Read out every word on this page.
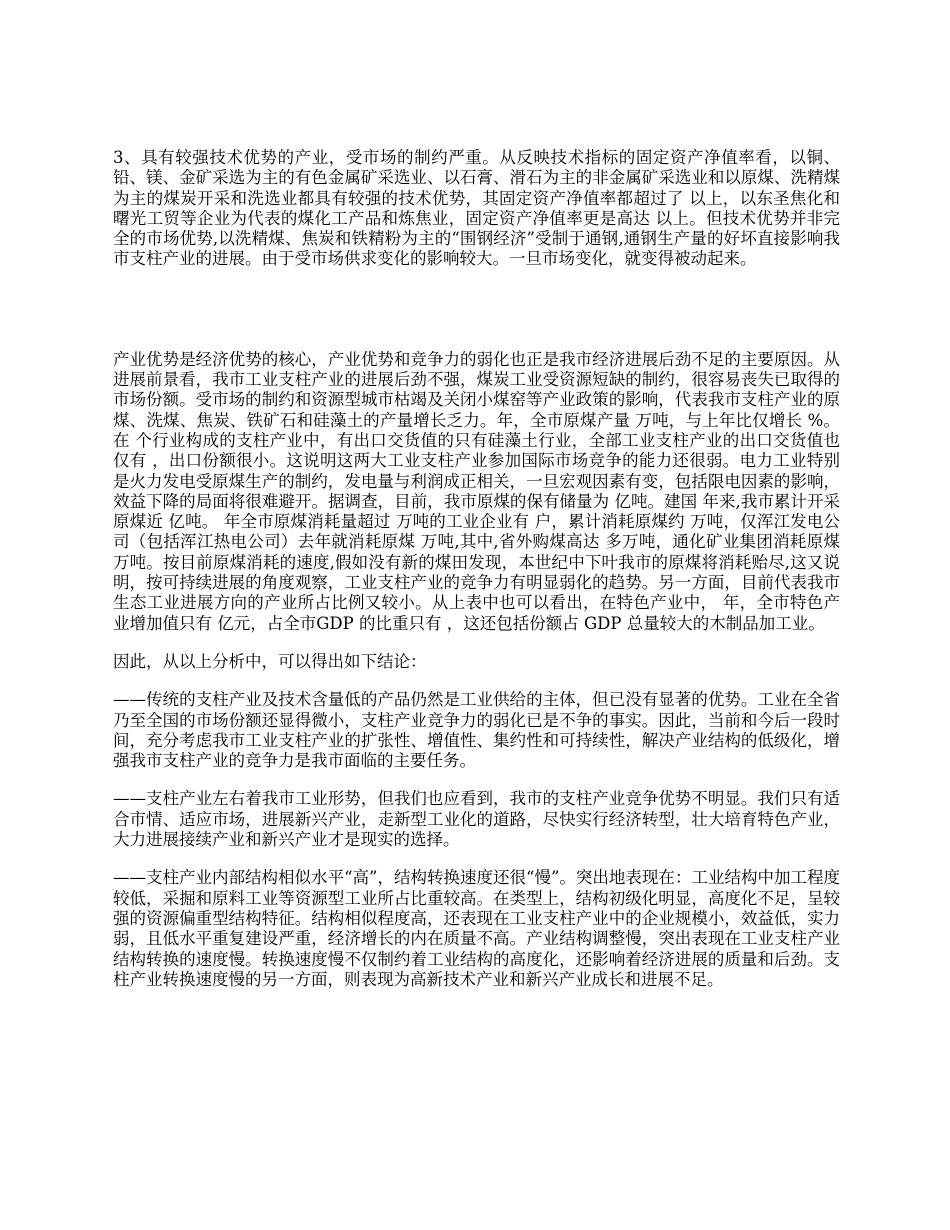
3、具有较强技术优势的产业，受市场的制约严重。从反映技术指标的固定资产净值率看，以铜、铅、镁、金矿采选为主的有色金属矿采选业、以石膏、滑石为主的非金属矿采选业和以原煤、洗精煤为主的煤炭开采和洗选业都具有较强的技术优势，其固定资产净值率都超过了 以上，以东圣焦化和曙光工贸等企业为代表的煤化工产品和炼焦业，固定资产净值率更是高达 以上。但技术优势并非完全的市场优势,以洗精煤、焦炭和铁精粉为主的“围钢经济”受制于通钢,通钢生产量的好坏直接影响我市支柱产业的进展。由于受市场供求变化的影响较大。一旦市场变化，就变得被动起来。

产业优势是经济优势的核心，产业优势和竞争力的弱化也正是我市经济进展后劲不足的主要原因。从进展前景看，我市工业支柱产业的进展后劲不强，煤炭工业受资源短缺的制约，很容易丧失已取得的市场份额。受市场的制约和资源型城市枯竭及关闭小煤窑等产业政策的影响，代表我市支柱产业的原煤、洗煤、焦炭、铁矿石和硅藻土的产量增长乏力。年，全市原煤产量 万吨，与上年比仅增长 %。在 个行业构成的支柱产业中，有出口交货值的只有硅藻土行业，全部工业支柱产业的出口交货值也仅有 ，出口份额很小。这说明这两大工业支柱产业参加国际市场竞争的能力还很弱。电力工业特别是火力发电受原煤生产的制约，发电量与利润成正相关，一旦宏观因素有变，包括限电因素的影响，效益下降的局面将很难避开。据调查，目前，我市原煤的保有储量为 亿吨。建国 年来,我市累计开采原煤近 亿吨。 年全市原煤消耗量超过 万吨的工业企业有 户，累计消耗原煤约 万吨，仅浑江发电公司（包括浑江热电公司）去年就消耗原煤 万吨,其中,省外购煤高达 多万吨，通化矿业集团消耗原煤 万吨。按目前原煤消耗的速度,假如没有新的煤田发现，本世纪中下叶我市的原煤将消耗贻尽,这又说明，按可持续进展的角度观察，工业支柱产业的竞争力有明显弱化的趋势。另一方面，目前代表我市生态工业进展方向的产业所占比例又较小。从上表中也可以看出，在特色产业中， 年，全市特色产业增加值只有 亿元，占全市GDP 的比重只有 ，这还包括份额占 GDP 总量较大的木制品加工业。

因此，从以上分析中，可以得出如下结论：

——传统的支柱产业及技术含量低的产品仍然是工业供给的主体，但已没有显著的优势。工业在全省乃至全国的市场份额还显得微小，支柱产业竞争力的弱化已是不争的事实。因此，当前和今后一段时间，充分考虑我市工业支柱产业的扩张性、增值性、集约性和可持续性，解决产业结构的低级化，增强我市支柱产业的竞争力是我市面临的主要任务。

——支柱产业左右着我市工业形势，但我们也应看到，我市的支柱产业竞争优势不明显。我们只有适合市情、适应市场，进展新兴产业，走新型工业化的道路，尽快实行经济转型，壮大培育特色产业，大力进展接续产业和新兴产业才是现实的选择。

——支柱产业内部结构相似水平“高”，结构转换速度还很“慢”。突出地表现在：工业结构中加工程度较低，采掘和原料工业等资源型工业所占比重较高。在类型上，结构初级化明显，高度化不足，呈较强的资源偏重型结构特征。结构相似程度高，还表现在工业支柱产业中的企业规模小，效益低，实力弱，且低水平重复建设严重，经济增长的内在质量不高。产业结构调整慢，突出表现在工业支柱产业结构转换的速度慢。转换速度慢不仅制约着工业结构的高度化，还影响着经济进展的质量和后劲。支柱产业转换速度慢的另一方面，则表现为高新技术产业和新兴产业成长和进展不足。
